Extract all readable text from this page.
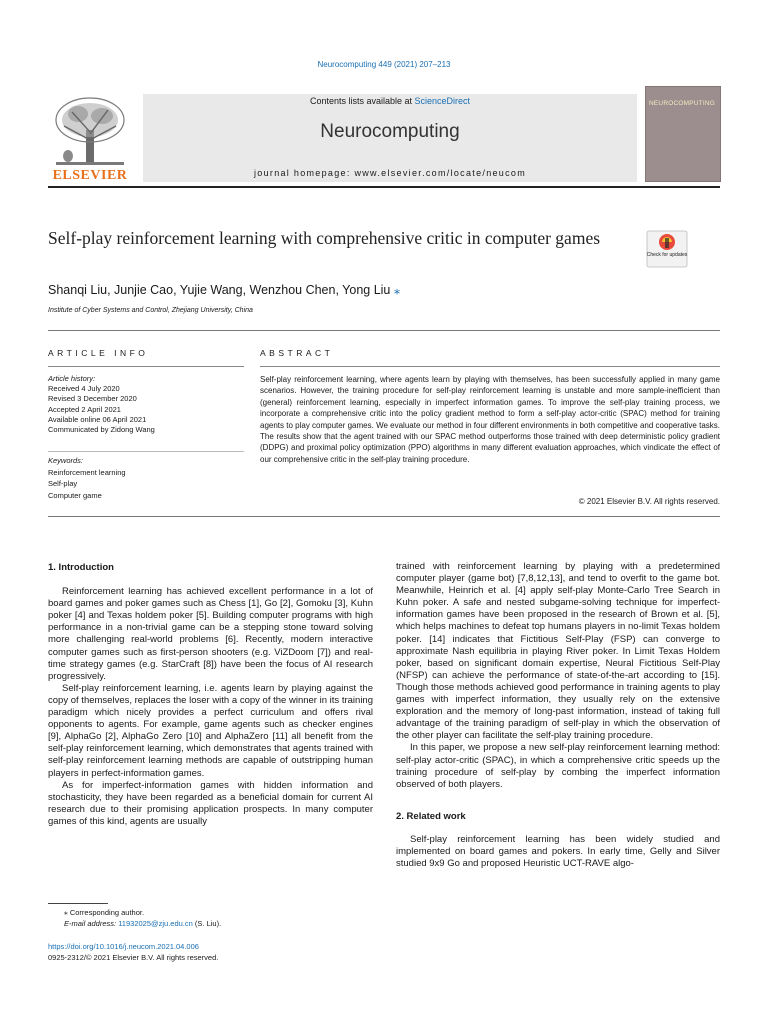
Neurocomputing 449 (2021) 207–213
ELSEVIER
Contents lists available at ScienceDirect
Neurocomputing
journal homepage: www.elsevier.com/locate/neucom
NEUROCOMPUTING
Self-play reinforcement learning with comprehensive critic in computer games
Check for updates
Shanqi Liu, Junjie Cao, Yujie Wang, Wenzhou Chen, Yong Liu ⁎
Institute of Cyber Systems and Control, Zhejiang University, China
ARTICLE INFO	ABSTRACT
Article history:
Received 4 July 2020
Revised 3 December 2020
Accepted 2 April 2021
Available online 06 April 2021
Communicated by Zidong Wang
Keywords:
Reinforcement learning
Self-play
Computer game
Self-play reinforcement learning, where agents learn by playing with themselves, has been successfully applied in many game scenarios. However, the training procedure for self-play reinforcement learning is unstable and more sample-inefficient than (general) reinforcement learning, especially in imperfect information games. To improve the self-play training process, we incorporate a comprehensive critic into the policy gradient method to form a self-play actor-critic (SPAC) method for training agents to play computer games. We evaluate our method in four different environments in both competitive and cooperative tasks. The results show that the agent trained with our SPAC method outperforms those trained with deep deterministic policy gradient (DDPG) and proximal policy optimization (PPO) algorithms in many different evaluation approaches, which vindicate the effect of our comprehensive critic in the self-play training procedure.
© 2021 Elsevier B.V. All rights reserved.
1. Introduction

Reinforcement learning has achieved excellent performance in a lot of board games and poker games such as Chess [1], Go [2], Gomoku [3], Kuhn poker [4] and Texas holdem poker [5]. Building computer programs with high performance in a non-trivial game can be a stepping stone toward solving more challenging real-world problems [6]. Recently, modern interactive computer games such as first-person shooters (e.g. ViZDoom [7]) and real-time strategy games (e.g. StarCraft [8]) have been the focus of AI research progressively.

Self-play reinforcement learning, i.e. agents learn by playing against the copy of themselves, replaces the loser with a copy of the winner in its training paradigm which nicely provides a perfect curriculum and offers rival opponents to agents. For example, game agents such as checker engines [9], AlphaGo [2], AlphaGo Zero [10] and AlphaZero [11] all benefit from the self-play reinforcement learning, which demonstrates that agents trained with self-play reinforcement learning methods are capable of outstripping human players in perfect-information games.

As for imperfect-information games with hidden information and stochasticity, they have been regarded as a beneficial domain for current AI research due to their promising application prospects. In many computer games of this kind, agents are usually

trained with reinforcement learning by playing with a predetermined computer player (game bot) [7,8,12,13], and tend to overfit to the game bot. Meanwhile, Heinrich et al. [4] apply self-play Monte-Carlo Tree Search in Kuhn poker. A safe and nested subgame-solving technique for imperfect-information games have been proposed in the research of Brown et al. [5], which helps machines to defeat top humans players in no-limit Texas holdem poker. [14] indicates that Fictitious Self-Play (FSP) can converge to approximate Nash equilibria in playing River poker. In Limit Texas Holdem poker, based on significant domain expertise, Neural Fictitious Self-Play (NFSP) can achieve the performance of state-of-the-art according to [15]. Though those methods achieved good performance in training agents to play games with imperfect information, they usually rely on the extensive exploration and the memory of long-past information, instead of taking full advantage of the training paradigm of self-play in which the observation of the other player can facilitate the self-play training procedure.

In this paper, we propose a new self-play reinforcement learning method: self-play actor-critic (SPAC), in which a comprehensive critic speeds up the training procedure of self-play by combing the imperfect information observed of both players.

2. Related work

Self-play reinforcement learning has been widely studied and implemented on board games and pokers. In early time, Gelly and Silver studied 9x9 Go and proposed Heuristic UCT-RAVE algo-

⁎ Corresponding author.
E-mail address: 11932025@zju.edu.cn (S. Liu).
https://doi.org/10.1016/j.neucom.2021.04.006
0925-2312/© 2021 Elsevier B.V. All rights reserved.
